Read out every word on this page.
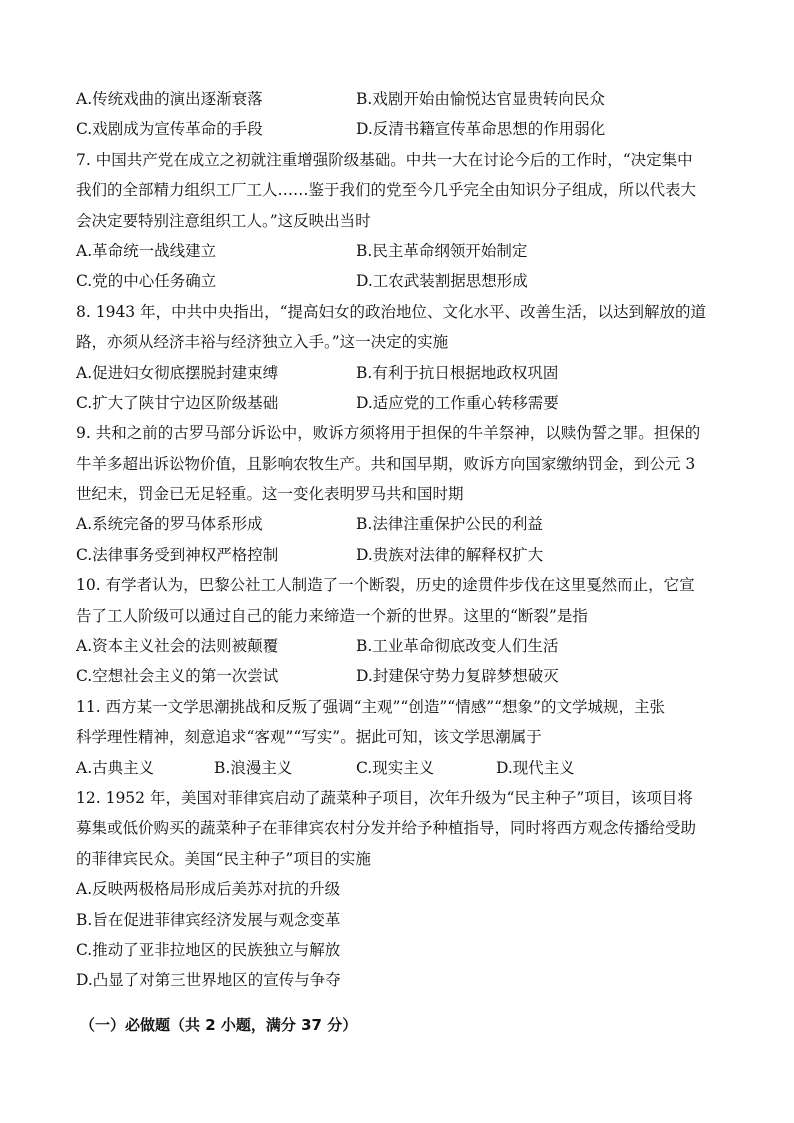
A.传统戏曲的演出逐渐衰落	B.戏剧开始由愉悦达官显贵转向民众
C.戏剧成为宣传革命的手段	D.反清书籍宣传革命思想的作用弱化
7. 中国共产党在成立之初就注重增强阶级基础。中共一大在讨论今后的工作时，“决定集中
我们的全部精力组织工厂工人……鉴于我们的党至今几乎完全由知识分子组成，所以代表大
会决定要特别注意组织工人。”这反映出当时
A.革命统一战线建立	B.民主革命纲领开始制定
C.党的中心任务确立	D.工农武装割据思想形成
8. 1943 年，中共中央指出，“提高妇女的政治地位、文化水平、改善生活，以达到解放的道
路，亦须从经济丰裕与经济独立入手。”这一决定的实施
A.促进妇女彻底摆脱封建束缚	B.有利于抗日根据地政权巩固
C.扩大了陕甘宁边区阶级基础	D.适应党的工作重心转移需要
9. 共和之前的古罗马部分诉讼中，败诉方须将用于担保的牛羊祭神，以赎伪誓之罪。担保的
牛羊多超出诉讼物价值，且影响农牧生产。共和国早期，败诉方向国家缴纳罚金，到公元 3
世纪末，罚金已无足轻重。这一变化表明罗马共和国时期
A.系统完备的罗马体系形成	B.法律注重保护公民的利益
C.法律事务受到神权严格控制	D.贵族对法律的解释权扩大
10. 有学者认为，巴黎公社工人制造了一个断裂，历史的途贯件步伐在这里戛然而止，它宣
告了工人阶级可以通过自己的能力来缔造一个新的世界。这里的“断裂”是指
A.资本主义社会的法则被颠覆	B.工业革命彻底改变人们生活
C.空想社会主义的第一次尝试	D.封建保守势力复辟梦想破灭
11. 西方某一文学思潮挑战和反叛了强调“主观”“创造”“情感”“想象”的文学城规，主张
科学理性精神，刻意追求“客观”“写实”。据此可知，该文学思潮属于
A.古典主义	B.浪漫主义	C.现实主义	D.现代主义
12. 1952 年，美国对菲律宾启动了蔬菜种子项目，次年升级为“民主种子”项目，该项目将
募集或低价购买的蔬菜种子在菲律宾农村分发并给予种植指导，同时将西方观念传播给受助
的菲律宾民众。美国“民主种子”项目的实施
A.反映两极格局形成后美苏对抗的升级
B.旨在促进菲律宾经济发展与观念变革
C.推动了亚非拉地区的民族独立与解放
D.凸显了对第三世界地区的宣传与争夺
（一）必做题（共 2 小题，满分 37 分）
